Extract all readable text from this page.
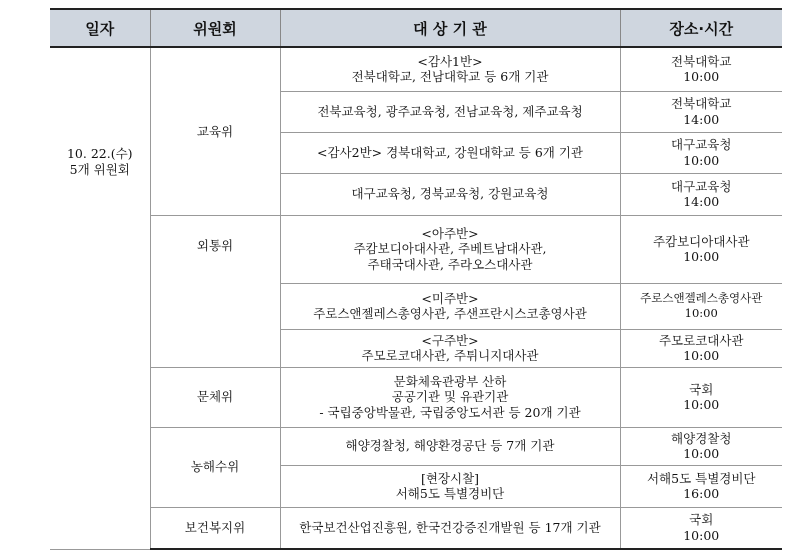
일자	위원회	대 상 기 관	장소·시간

10. 22.(수)
5개 위원회	교육위	<감사1반>
전북대학교, 전남대학교 등 6개 기관	전북대학교
10:00

		전북교육청, 광주교육청, 전남교육청, 제주교육청	전북대학교
14:00

		<감사2반> 경북대학교, 강원대학교 등 6개 기관	대구교육청
10:00

		대구교육청, 경북교육청, 강원교육청	대구교육청
14:00

	외통위	<아주반>
주캄보디아대사관, 주베트남대사관,
주태국대사관, 주라오스대사관	주캄보디아대사관
10:00

		<미주반>
주로스앤젤레스총영사관, 주샌프란시스코총영사관	주로스앤젤레스총영사관
10:00

		<구주반>
주모로코대사관, 주튀니지대사관	주모로코대사관
10:00

	문체위	문화체육관광부 산하
공공기관 및 유관기관
- 국립중앙박물관, 국립중앙도서관 등 20개 기관	국회
10:00

	농해수위	해양경찰청, 해양환경공단 등 7개 기관	해양경찰청
10:00

		[현장시찰]
서해5도 특별경비단	서해5도 특별경비단
16:00

	보건복지위	한국보건산업진흥원, 한국건강증진개발원 등 17개 기관	국회
10:00
